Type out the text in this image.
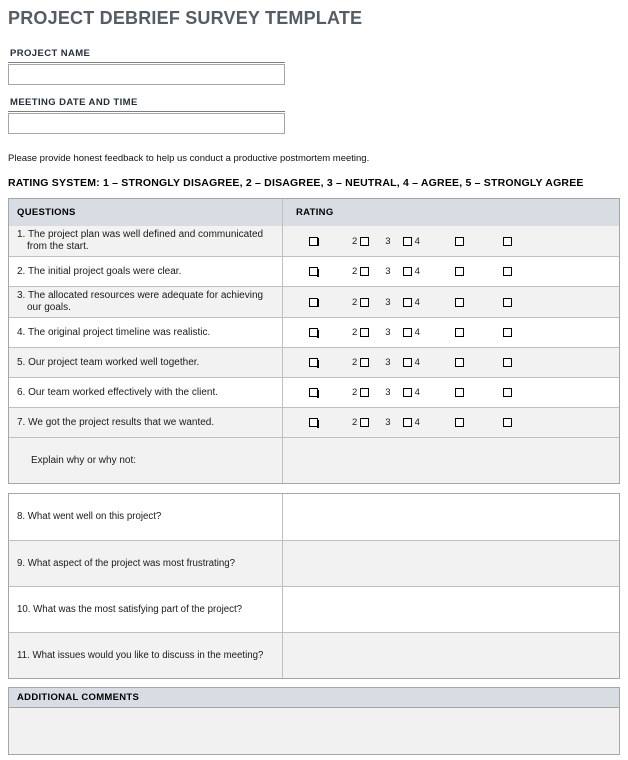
PROJECT DEBRIEF SURVEY TEMPLATE
PROJECT NAME
MEETING DATE AND TIME

Please provide honest feedback to help us conduct a productive postmortem meeting.

RATING SYSTEM: 1 – STRONGLY DISAGREE, 2 – DISAGREE, 3 – NEUTRAL, 4 – AGREE, 5 – STRONGLY AGREE

QUESTIONS	RATING
1. The project plan was well defined and communicated from the start.	2	3	4
2. The initial project goals were clear.	2	3	4
3. The allocated resources were adequate for achieving our goals.	2	3	4
4. The original project timeline was realistic.	2	3	4
5. Our project team worked well together.	2	3	4
6. Our team worked effectively with the client.	2	3	4
7. We got the project results that we wanted.	2	3	4
Explain why or why not:
8. What went well on this project?
9. What aspect of the project was most frustrating?
10. What was the most satisfying part of the project?
11. What issues would you like to discuss in the meeting?
ADDITIONAL COMMENTS
